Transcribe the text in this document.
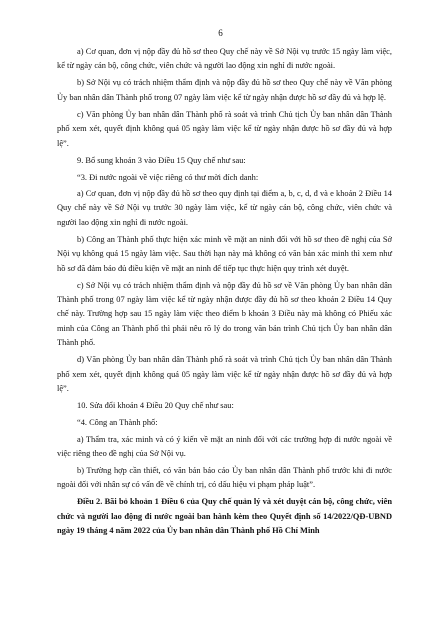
6

a) Cơ quan, đơn vị nộp đầy đủ hồ sơ theo Quy chế này về Sở Nội vụ trước 15 ngày làm việc, kể từ ngày cán bộ, công chức, viên chức và người lao động xin nghỉ đi nước ngoài.

b) Sở Nội vụ có trách nhiệm thẩm định và nộp đầy đủ hồ sơ theo Quy chế này về Văn phòng Ủy ban nhân dân Thành phố trong 07 ngày làm việc kể từ ngày nhận được hồ sơ đầy đủ và hợp lệ.

c) Văn phòng Ủy ban nhân dân Thành phố rà soát và trình Chủ tịch Ủy ban nhân dân Thành phố xem xét, quyết định không quá 05 ngày làm việc kể từ ngày nhận được hồ sơ đầy đủ và hợp lệ”.

9. Bổ sung khoản 3 vào Điều 15 Quy chế như sau:

“3. Đi nước ngoài về việc riêng có thư mời đích danh:

a) Cơ quan, đơn vị nộp đầy đủ hồ sơ theo quy định tại điểm a, b, c, d, đ và e khoản 2 Điều 14 Quy chế này về Sở Nội vụ trước 30 ngày làm việc, kể từ ngày cán bộ, công chức, viên chức và người lao động xin nghỉ đi nước ngoài.

b) Công an Thành phố thực hiện xác minh về mặt an ninh đối với hồ sơ theo đề nghị của Sở Nội vụ không quá 15 ngày làm việc. Sau thời hạn này mà không có văn bản xác minh thì xem như hồ sơ đã đảm bảo đủ điều kiện về mặt an ninh để tiếp tục thực hiện quy trình xét duyệt.

c) Sở Nội vụ có trách nhiệm thẩm định và nộp đầy đủ hồ sơ về Văn phòng Ủy ban nhân dân Thành phố trong 07 ngày làm việc kể từ ngày nhận được đầy đủ hồ sơ theo khoản 2 Điều 14 Quy chế này. Trường hợp sau 15 ngày làm việc theo điểm b khoản 3 Điều này mà không có Phiếu xác minh của Công an Thành phố thì phải nêu rõ lý do trong văn bản trình Chủ tịch Ủy ban nhân dân Thành phố.

d) Văn phòng Ủy ban nhân dân Thành phố rà soát và trình Chủ tịch Ủy ban nhân dân Thành phố xem xét, quyết định không quá 05 ngày làm việc kể từ ngày nhận được hồ sơ đầy đủ và hợp lệ”.

10. Sửa đổi khoản 4 Điều 20 Quy chế như sau:

“4. Công an Thành phố:

a) Thẩm tra, xác minh và có ý kiến về mặt an ninh đối với các trường hợp đi nước ngoài về việc riêng theo đề nghị của Sở Nội vụ.

b) Trường hợp cần thiết, có văn bản báo cáo Ủy ban nhân dân Thành phố trước khi đi nước ngoài đối với nhân sự có vấn đề về chính trị, có dấu hiệu vi phạm pháp luật”.

Điều 2. Bãi bỏ khoản 1 Điều 6 của Quy chế quản lý và xét duyệt cán bộ, công chức, viên chức và người lao động đi nước ngoài ban hành kèm theo Quyết định số 14/2022/QĐ-UBND ngày 19 tháng 4 năm 2022 của Ủy ban nhân dân Thành phố Hồ Chí Minh
